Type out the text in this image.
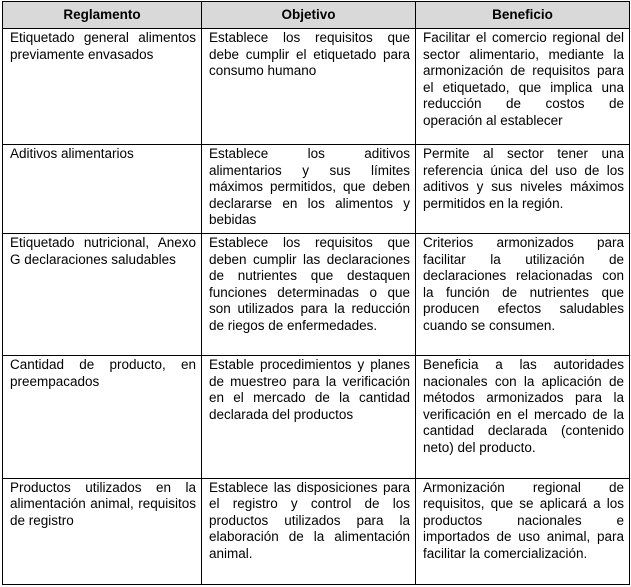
Reglamento	Objetivo	Beneficio
Etiquetado general alimentos previamente envasados	Establece los requisitos que debe cumplir el etiquetado para consumo humano	Facilitar el comercio regional del sector alimentario, mediante la armonización de requisitos para el etiquetado, que implica una reducción de costos de operación al establecer
Aditivos alimentarios	Establece los aditivos alimentarios y sus límites máximos permitidos, que deben declararse en los alimentos y bebidas	Permite al sector tener una referencia única del uso de los aditivos y sus niveles máximos permitidos en la región.
Etiquetado nutricional, Anexo G declaraciones saludables	Establece los requisitos que deben cumplir las declaraciones de nutrientes que destaquen funciones determinadas o que son utilizados para la reducción de riegos de enfermedades.	Criterios armonizados para facilitar la utilización de declaraciones relacionadas con la función de nutrientes que producen efectos saludables cuando se consumen.
Cantidad de producto, en preempacados	Estable procedimientos y planes de muestreo para la verificación en el mercado de la cantidad declarada del productos	Beneficia a las autoridades nacionales con la aplicación de métodos armonizados para la verificación en el mercado de la cantidad declarada (contenido neto) del producto.
Productos utilizados en la alimentación animal, requisitos de registro	Establece las disposiciones para el registro y control de los productos utilizados para la elaboración de la alimentación animal.	Armonización regional de requisitos, que se aplicará a los productos nacionales e importados de uso animal, para facilitar la comercialización.
